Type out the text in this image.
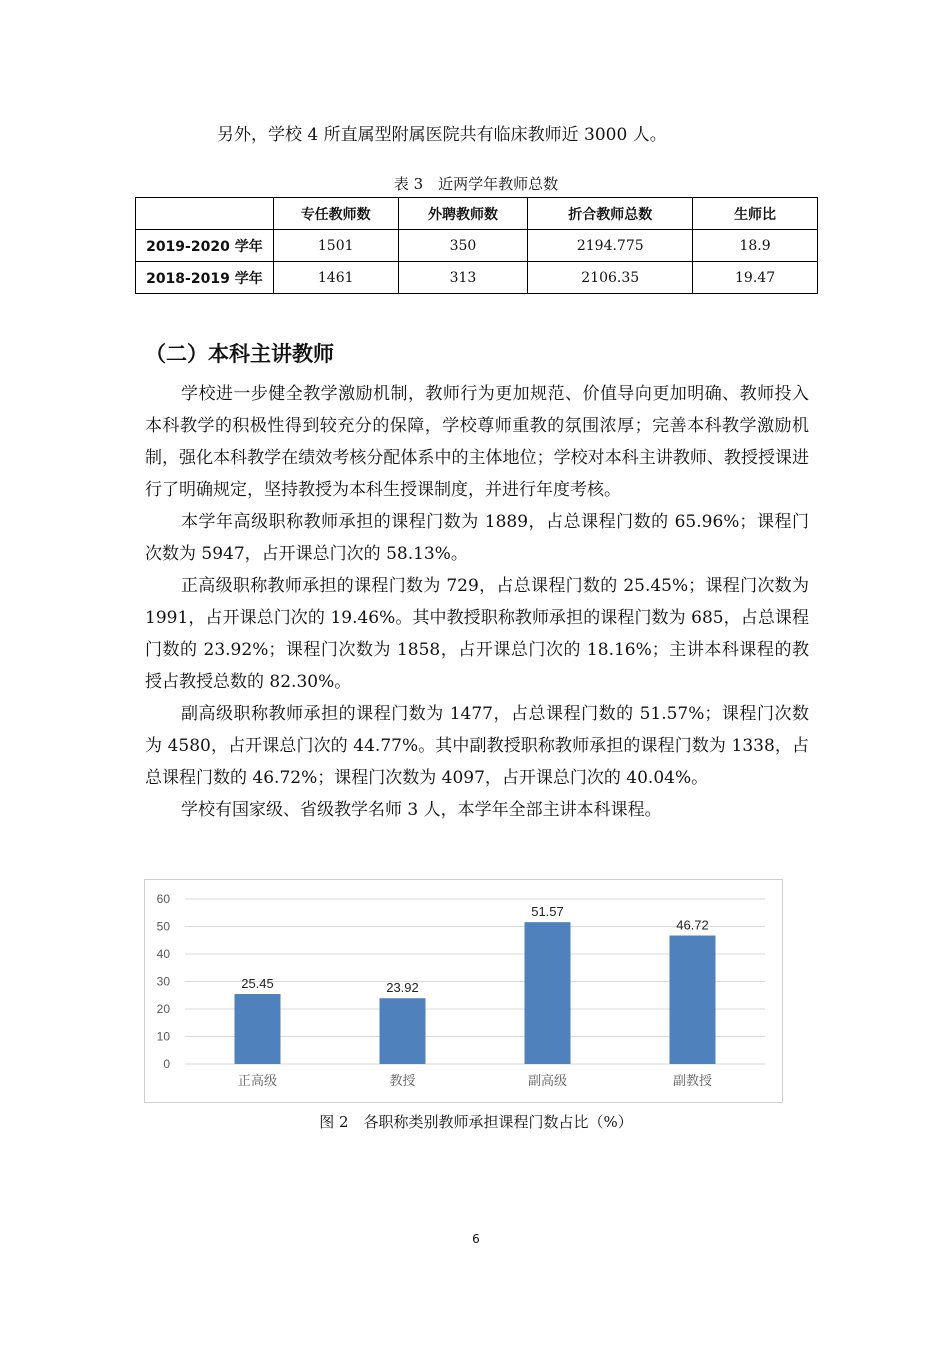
另外，学校 4 所直属型附属医院共有临床教师近 3000 人。

表 3　近两学年教师总数
	专任教师数	外聘教师数	折合教师总数	生师比
2019-2020 学年	1501	350	2194.775	18.9
2018-2019 学年	1461	313	2106.35	19.47
（二）本科主讲教师

学校进一步健全教学激励机制，教师行为更加规范、价值导向更加明确、教师投入本科教学的积极性得到较充分的保障，学校尊师重教的氛围浓厚；完善本科教学激励机制，强化本科教学在绩效考核分配体系中的主体地位；学校对本科主讲教师、教授授课进行了明确规定，坚持教授为本科生授课制度，并进行年度考核。

本学年高级职称教师承担的课程门数为 1889，占总课程门数的 65.96%；课程门次数为 5947，占开课总门次的 58.13%。

正高级职称教师承担的课程门数为 729，占总课程门数的 25.45%；课程门次数为 1991，占开课总门次的 19.46%。其中教授职称教师承担的课程门数为 685，占总课程门数的 23.92%；课程门次数为 1858，占开课总门次的 18.16%；主讲本科课程的教授占教授总数的 82.30%。

副高级职称教师承担的课程门数为 1477，占总课程门数的 51.57%；课程门次数为 4580，占开课总门次的 44.77%。其中副教授职称教师承担的课程门数为 1338，占总课程门数的 46.72%；课程门次数为 4097，占开课总门次的 40.04%。

学校有国家级、省级教学名师 3 人，本学年全部主讲本科课程。

0
10
20
30
40
50
60
25.45
正高级
23.92
教授
51.57
副高级
46.72
副教授
图 2　各职称类别教师承担课程门数占比（%）
6
